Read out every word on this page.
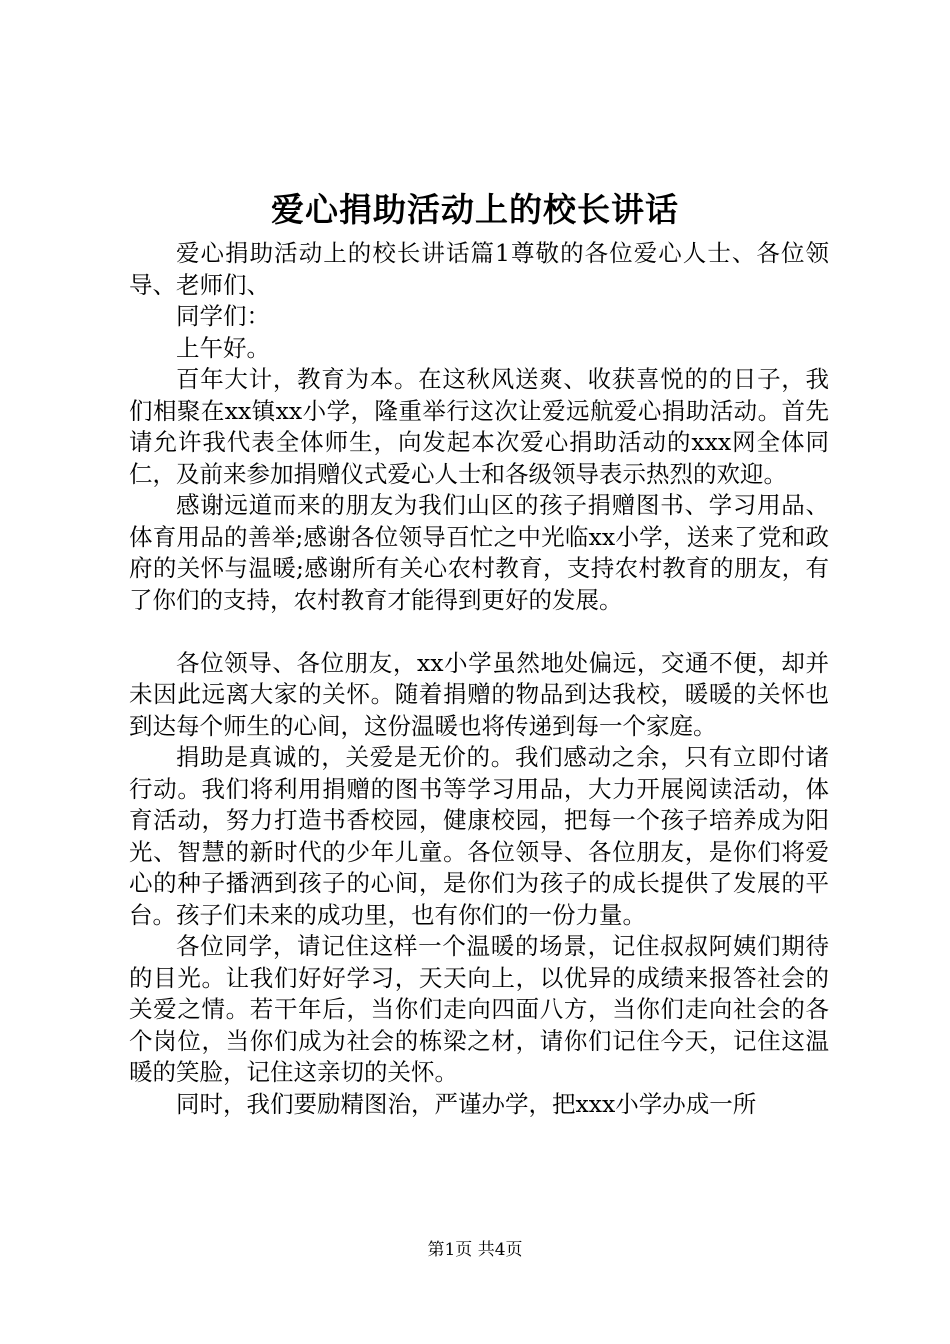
爱心捐助活动上的校长讲话

爱心捐助活动上的校长讲话篇1尊敬的各位爱心人士、各位领导、老师们、

同学们：

上午好。

百年大计，教育为本。在这秋风送爽、收获喜悦的的日子，我们相聚在xx镇xx小学，隆重举行这次让爱远航爱心捐助活动。首先请允许我代表全体师生，向发起本次爱心捐助活动的xxx网全体同仁，及前来参加捐赠仪式爱心人士和各级领导表示热烈的欢迎。

感谢远道而来的朋友为我们山区的孩子捐赠图书、学习用品、体育用品的善举;感谢各位领导百忙之中光临xx小学，送来了党和政府的关怀与温暖;感谢所有关心农村教育，支持农村教育的朋友，有了你们的支持，农村教育才能得到更好的发展。

各位领导、各位朋友，xx小学虽然地处偏远，交通不便，却并未因此远离大家的关怀。随着捐赠的物品到达我校，暖暖的关怀也到达每个师生的心间，这份温暖也将传递到每一个家庭。

捐助是真诚的，关爱是无价的。我们感动之余，只有立即付诸行动。我们将利用捐赠的图书等学习用品，大力开展阅读活动，体育活动，努力打造书香校园，健康校园，把每一个孩子培养成为阳光、智慧的新时代的少年儿童。各位领导、各位朋友，是你们将爱心的种子播洒到孩子的心间，是你们为孩子的成长提供了发展的平台。孩子们未来的成功里，也有你们的一份力量。

各位同学，请记住这样一个温暖的场景，记住叔叔阿姨们期待的目光。让我们好好学习，天天向上，以优异的成绩来报答社会的关爱之情。若干年后，当你们走向四面八方，当你们走向社会的各个岗位，当你们成为社会的栋梁之材，请你们记住今天，记住这温暖的笑脸，记住这亲切的关怀。

同时，我们要励精图治，严谨办学，把xxx小学办成一所

第1页 共4页
